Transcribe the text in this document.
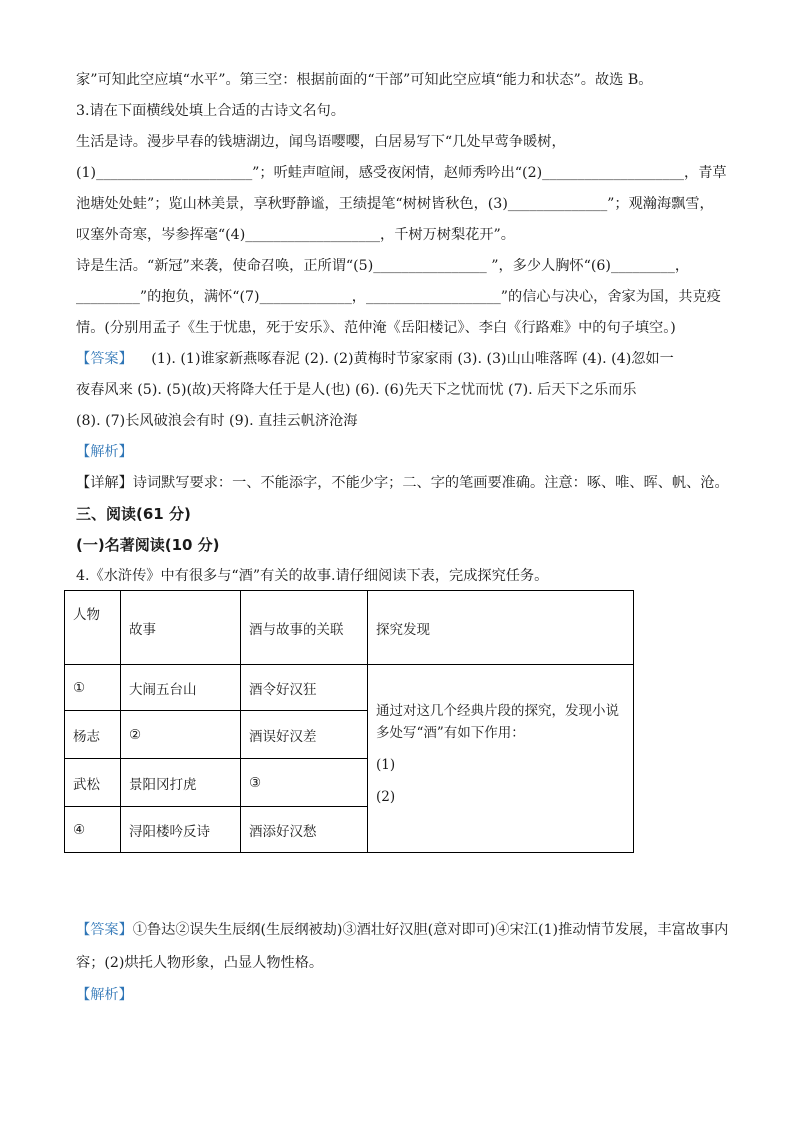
家”可知此空应填“水平”。第三空：根据前面的“干部”可知此空应填“能力和状态”。故选 B。
3.请在下面横线处填上合适的古诗文名句。
生活是诗。漫步早春的钱塘湖边，闻鸟语嘤嘤，白居易写下“几处早莺争暖树，
(1)______________________”；听蛙声喧闹，感受夜闲情，赵师秀吟出“(2)____________________，青草
池塘处处蛙”；览山林美景，享秋野静谧，王绩提笔“树树皆秋色，(3)______________”；观瀚海飘雪，
叹塞外奇寒，岑参挥毫“(4)___________________，千树万树梨花开”。
诗是生活。“新冠”来袭，使命召唤，正所谓“(5)________________ ”，多少人胸怀“(6)_________，
_________”的抱负，满怀“(7)_____________，___________________”的信心与决心，舍家为国，共克疫
情。(分别用孟子《生于忧患，死于安乐》、范仲淹《岳阳楼记》、李白《行路难》中的句子填空。)
【答案】 (1). (1)谁家新燕啄春泥 (2). (2)黄梅时节家家雨 (3). (3)山山唯落晖 (4). (4)忽如一
夜春风来 (5). (5)(故)天将降大任于是人(也) (6). (6)先天下之忧而忧 (7). 后天下之乐而乐
(8). (7)长风破浪会有时 (9). 直挂云帆济沧海
【解析】
【详解】诗词默写要求：一、不能添字，不能少字；二、字的笔画要准确。注意：啄、唯、晖、帆、沧。
三、阅读(61 分)
(一)名著阅读(10 分)
4.《水浒传》中有很多与“酒”有关的故事.请仔细阅读下表，完成探究任务。
人物	故事	酒与故事的关联	探究发现
①	大闹五台山	酒令好汉狂	通过对这几个经典片段的探究，发现小说多处写“酒”有如下作用：

(1)

(2)

杨志	②	酒误好汉差	
武松	景阳冈打虎	③	
④	浔阳楼吟反诗	酒添好汉愁	
【答案】①鲁达②误失生辰纲(生辰纲被劫)③酒壮好汉胆(意对即可)④宋江(1)推动情节发展，丰富故事内
容；(2)烘托人物形象，凸显人物性格。
【解析】
